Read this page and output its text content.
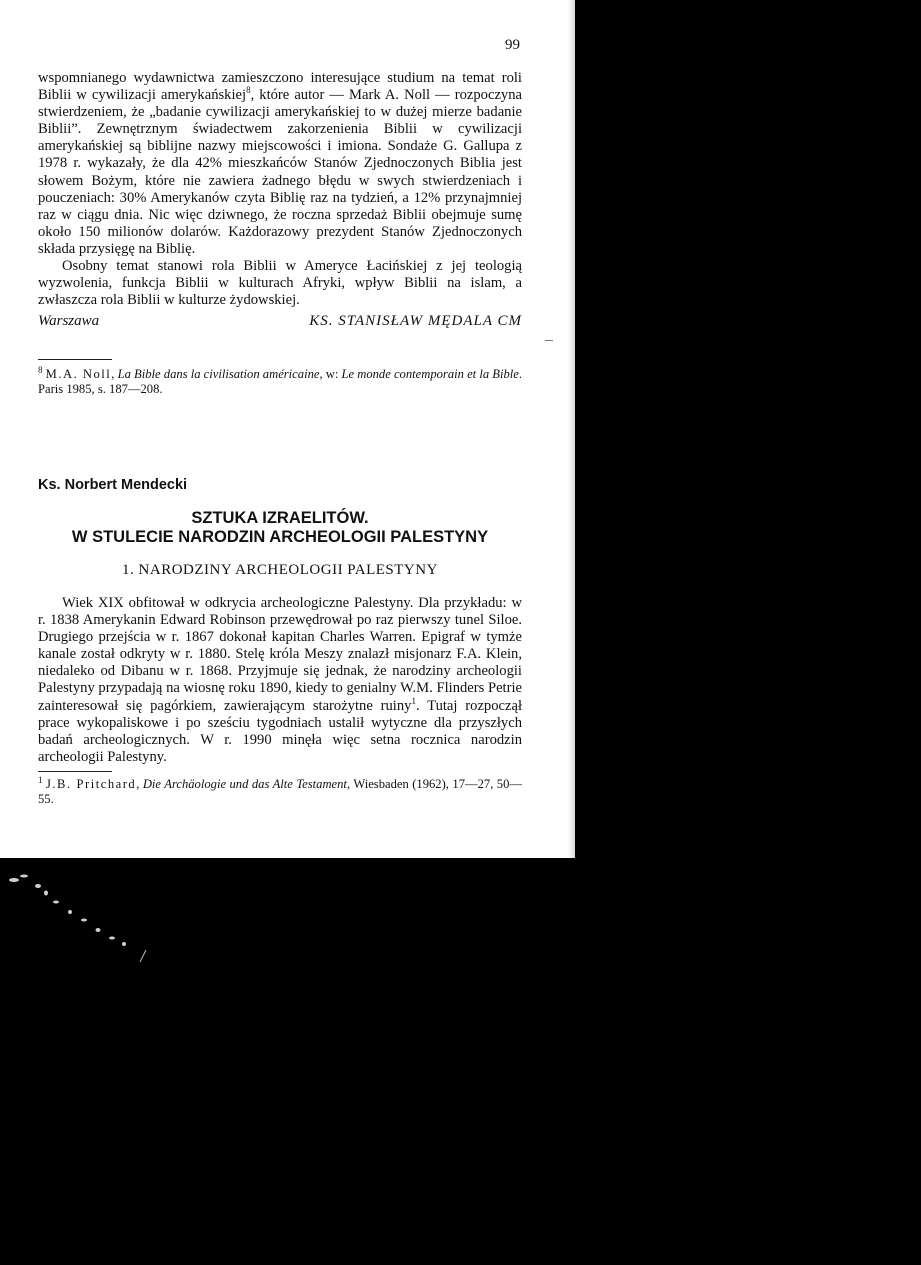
99

wspomnianego wydawnictwa zamieszczono interesujące studium na temat roli Biblii w cywilizacji amerykańskiej$^8$, które autor — Mark A. Noll — rozpoczyna stwierdzeniem, że „badanie cywilizacji amerykańskiej to w dużej mierze badanie Biblii”. Zewnętrznym świadectwem zakorzenienia Biblii w cywilizacji amerykańskiej są biblijne nazwy miejscowości i imiona. Sondaże G. Gallupa z 1978 r. wykazały, że dla 42% mieszkańców Stanów Zjednoczonych Biblia jest słowem Bożym, które nie zawiera żadnego błędu w swych stwierdzeniach i pouczeniach: 30% Amerykanów czyta Biblię raz na tydzień, a 12% przynajmniej raz w ciągu dnia. Nic więc dziwnego, że roczna sprzedaż Biblii obejmuje sumę około 150 milionów dolarów. Każdorazowy prezydent Stanów Zjednoczonych składa przysięgę na Biblię.

Osobny temat stanowi rola Biblii w Ameryce Łacińskiej z jej teologią wyzwolenia, funkcja Biblii w kulturach Afryki, wpływ Biblii na islam, a zwłaszcza rola Biblii w kulturze żydowskiej.

Warszawa	KS. STANISŁAW MĘDALA CM
$^8$ M.A. Noll, La Bible dans la civilisation américaine, w: Le monde contemporain et la Bible. Paris 1985, s. 187—208.
Ks. Norbert Mendecki
SZTUKA IZRAELITÓW.
W STULECIE NARODZIN ARCHEOLOGII PALESTYNY
1. NARODZINY ARCHEOLOGII PALESTYNY

Wiek XIX obfitował w odkrycia archeologiczne Palestyny. Dla przykładu: w r. 1838 Amerykanin Edward Robinson przewędrował po raz pierwszy tunel Siloe. Drugiego przejścia w r. 1867 dokonał kapitan Charles Warren. Epigraf w tymże kanale został odkryty w r. 1880. Stelę króla Meszy znalazł misjonarz F.A. Klein, niedaleko od Dibanu w r. 1868. Przyjmuje się jednak, że narodziny archeologii Palestyny przypadają na wiosnę roku 1890, kiedy to genialny W.M. Flinders Petrie zainteresował się pagórkiem, zawierającym starożytne ruiny$^1$. Tutaj rozpoczął prace wykopaliskowe i po sześciu tygodniach ustalił wytyczne dla przyszłych badań archeologicznych. W r. 1990 minęła więc setna rocznica narodzin archeologii Palestyny.

$^1$ J.B. Pritchard, Die Archäologie und das Alte Testament, Wiesbaden (1962), 17—27, 50—55.
